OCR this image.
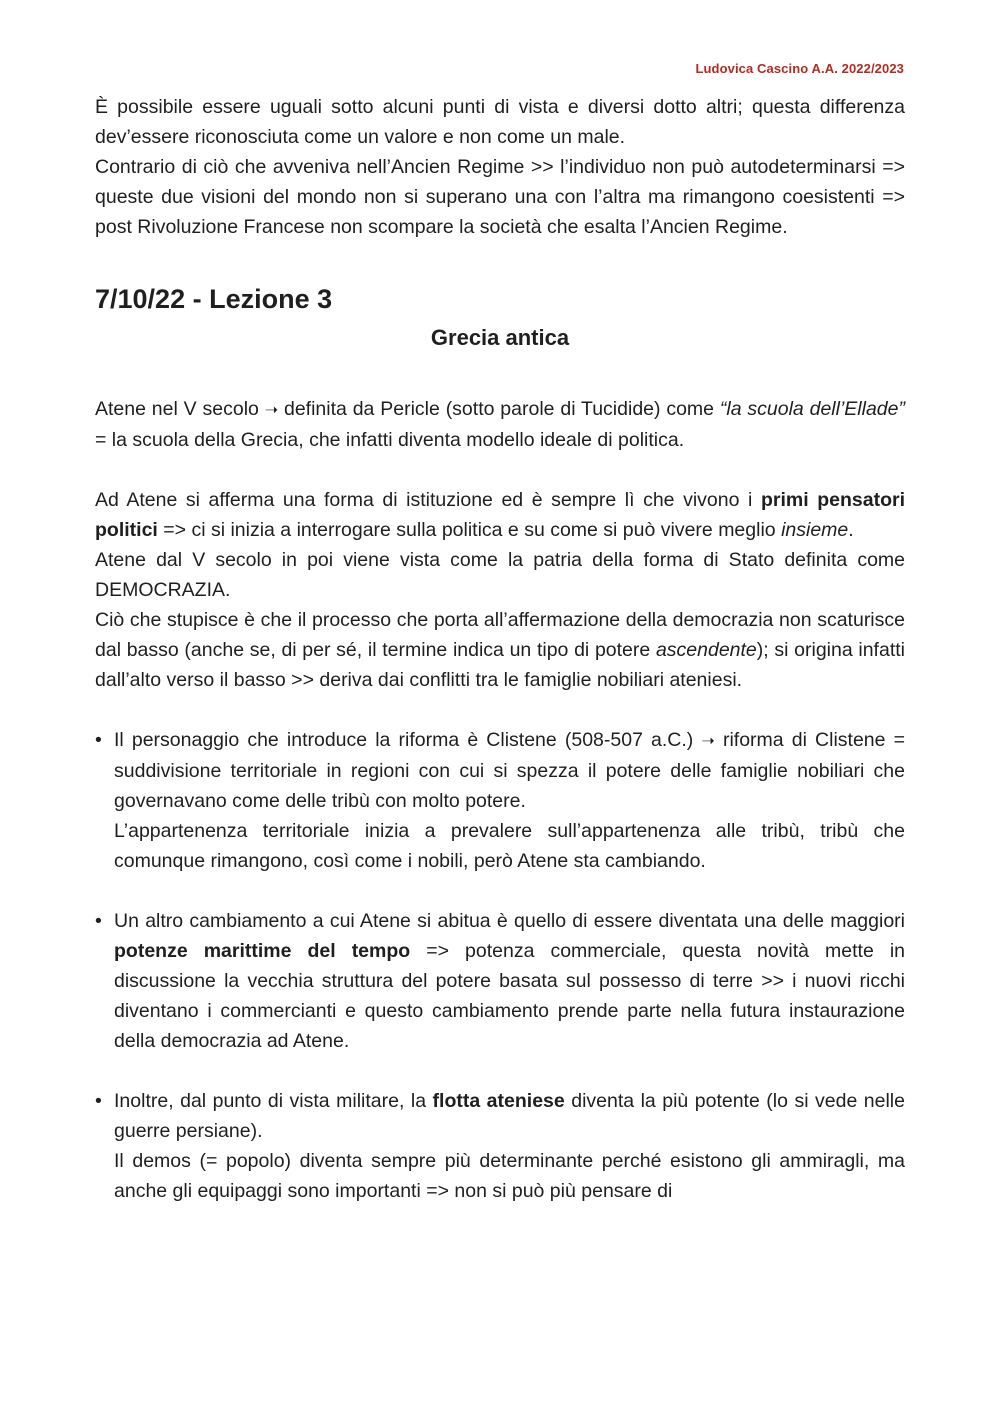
Ludovica Cascino A.A. 2022/2023

È possibile essere uguali sotto alcuni punti di vista e diversi dotto altri; questa differenza dev’essere riconosciuta come un valore e non come un male.

Contrario di ciò che avveniva nell’Ancien Regime >> l’individuo non può autodeterminarsi => queste due visioni del mondo non si superano una con l’altra ma rimangono coesistenti => post Rivoluzione Francese non scompare la società che esalta l’Ancien Regime.

7/10/22 - Lezione 3
Grecia antica

Atene nel V secolo ➝ definita da Pericle (sotto parole di Tucidide) come “la scuola dell’Ellade” = la scuola della Grecia, che infatti diventa modello ideale di politica.

Ad Atene si afferma una forma di istituzione ed è sempre lì che vivono i primi pensatori politici => ci si inizia a interrogare sulla politica e su come si può vivere meglio insieme.

Atene dal V secolo in poi viene vista come la patria della forma di Stato definita come DEMOCRAZIA.

Ciò che stupisce è che il processo che porta all’affermazione della democrazia non scaturisce dal basso (anche se, di per sé, il termine indica un tipo di potere ascendente); si origina infatti dall’alto verso il basso >> deriva dai conflitti tra le famiglie nobiliari ateniesi.

• Il personaggio che introduce la riforma è Clistene (508-507 a.C.) ➝ riforma di Clistene = suddivisione territoriale in regioni con cui si spezza il potere delle famiglie nobiliari che governavano come delle tribù con molto potere.

L’appartenenza territoriale inizia a prevalere sull’appartenenza alle tribù, tribù che comunque rimangono, così come i nobili, però Atene sta cambiando.

• Un altro cambiamento a cui Atene si abitua è quello di essere diventata una delle maggiori potenze marittime del tempo => potenza commerciale, questa novità mette in discussione la vecchia struttura del potere basata sul possesso di terre >> i nuovi ricchi diventano i commercianti e questo cambiamento prende parte nella futura instaurazione della democrazia ad Atene.

• Inoltre, dal punto di vista militare, la flotta ateniese diventa la più potente (lo si vede nelle guerre persiane).

Il demos (= popolo) diventa sempre più determinante perché esistono gli ammiragli, ma anche gli equipaggi sono importanti => non si può più pensare di
